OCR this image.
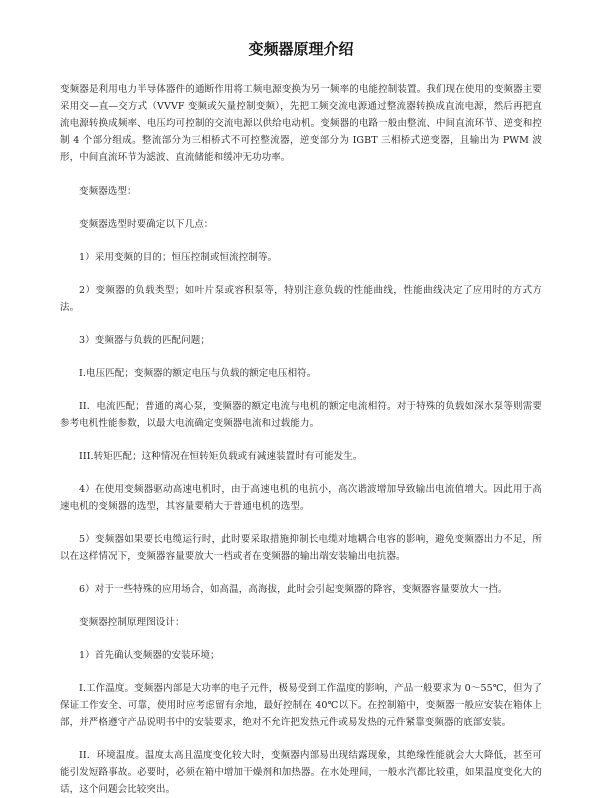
变频器原理介绍

变频器是利用电力半导体器件的通断作用将工频电源变换为另一频率的电能控制装置。我们现在使用的变频器主要采用交—直—交方式（VVVF 变频或矢量控制变频），先把工频交流电源通过整流器转换成直流电源，然后再把直流电源转换成频率、电压均可控制的交流电源以供给电动机。变频器的电路一般由整流、中间直流环节、逆变和控制 4 个部分组成。整流部分为三相桥式不可控整流器，逆变部分为 IGBT 三相桥式逆变器，且输出为 PWM 波形，中间直流环节为滤波、直流储能和缓冲无功功率。

变频器选型：

变频器选型时要确定以下几点：

1）采用变频的目的；恒压控制或恒流控制等。

2）变频器的负载类型；如叶片泵或容积泵等，特别注意负载的性能曲线，性能曲线决定了应用时的方式方法。

3）变频器与负载的匹配问题；

I.电压匹配；变频器的额定电压与负载的额定电压相符。

II．电流匹配；普通的离心泵，变频器的额定电流与电机的额定电流相符。对于特殊的负载如深水泵等则需要参考电机性能参数，以最大电流确定变频器电流和过载能力。

III.转矩匹配；这种情况在恒转矩负载或有减速装置时有可能发生。

4）在使用变频器驱动高速电机时，由于高速电机的电抗小，高次谐波增加导致输出电流值增大。因此用于高速电机的变频器的选型，其容量要稍大于普通电机的选型。

5）变频器如果要长电缆运行时，此时要采取措施抑制长电缆对地耦合电容的影响，避免变频器出力不足，所以在这样情况下，变频器容量要放大一档或者在变频器的输出端安装输出电抗器。

6）对于一些特殊的应用场合，如高温，高海拔，此时会引起变频器的降容，变频器容量要放大一挡。

变频器控制原理图设计：

1）首先确认变频器的安装环境；

I.工作温度。变频器内部是大功率的电子元件，极易受到工作温度的影响，产品一般要求为 0～55℃，但为了保证工作安全、可靠，使用时应考虑留有余地，最好控制在 40℃以下。在控制箱中，变频器一般应安装在箱体上部，并严格遵守产品说明书中的安装要求，绝对不允许把发热元件或易发热的元件紧靠变频器的底部安装。

II．环境温度。温度太高且温度变化较大时，变频器内部易出现结露现象，其绝缘性能就会大大降低，甚至可能引发短路事故。必要时，必须在箱中增加干燥剂和加热器。在水处理间，一般水汽都比较重，如果温度变化大的话，这个问题会比较突出。
